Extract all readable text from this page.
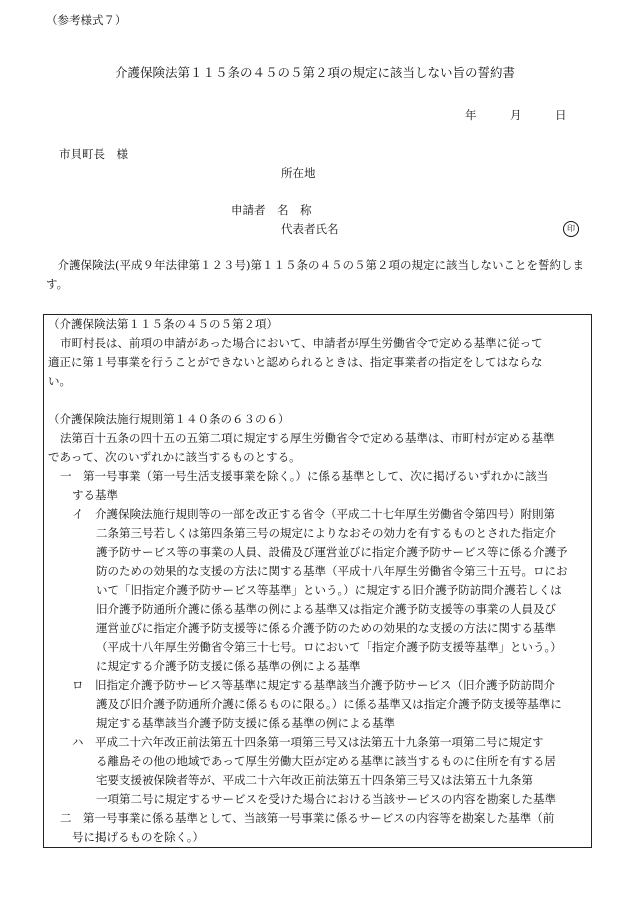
（参考様式７）
介護保険法第１１５条の４５の５第２項の規定に該当しない旨の誓約書
年	月	日
市貝町長　様
所在地
申請者　名　称
代表者氏名	印
介護保険法(平成９年法律第１２３号)第１１５条の４５の５第２項の規定に該当しないことを誓約します。
（介護保険法第１１５条の４５の５第２項）
市町村長は、前項の申請があった場合において、申請者が厚生労働省令で定める基準に従って
適正に第１号事業を行うことができないと認められるときは、指定事業者の指定をしてはならな
い。
（介護保険法施行規則第１４０条の６３の６）
法第百十五条の四十五の五第二項に規定する厚生労働省令で定める基準は、市町村が定める基準
であって、次のいずれかに該当するものとする。
一　第一号事業（第一号生活支援事業を除く。）に係る基準として、次に掲げるいずれかに該当
する基準
イ　介護保険法施行規則等の一部を改正する省令（平成二十七年厚生労働省令第四号）附則第
二条第三号若しくは第四条第三号の規定によりなおその効力を有するものとされた指定介
護予防サービス等の事業の人員、設備及び運営並びに指定介護予防サービス等に係る介護予
防のための効果的な支援の方法に関する基準（平成十八年厚生労働省令第三十五号。ロにお
いて「旧指定介護予防サービス等基準」という。）に規定する旧介護予防訪問介護若しくは
旧介護予防通所介護に係る基準の例による基準又は指定介護予防支援等の事業の人員及び
運営並びに指定介護予防支援等に係る介護予防のための効果的な支援の方法に関する基準
（平成十八年厚生労働省令第三十七号。ロにおいて「指定介護予防支援等基準」という。）
に規定する介護予防支援に係る基準の例による基準
ロ　旧指定介護予防サービス等基準に規定する基準該当介護予防サービス（旧介護予防訪問介
護及び旧介護予防通所介護に係るものに限る。）に係る基準又は指定介護予防支援等基準に
規定する基準該当介護予防支援に係る基準の例による基準
ハ　平成二十六年改正前法第五十四条第一項第三号又は法第五十九条第一項第二号に規定す
る離島その他の地域であって厚生労働大臣が定める基準に該当するものに住所を有する居
宅要支援被保険者等が、平成二十六年改正前法第五十四条第三号又は法第五十九条第
一項第二号に規定するサービスを受けた場合における当該サービスの内容を勘案した基準
二　第一号事業に係る基準として、当該第一号事業に係るサービスの内容等を勘案した基準（前
号に掲げるものを除く。）
